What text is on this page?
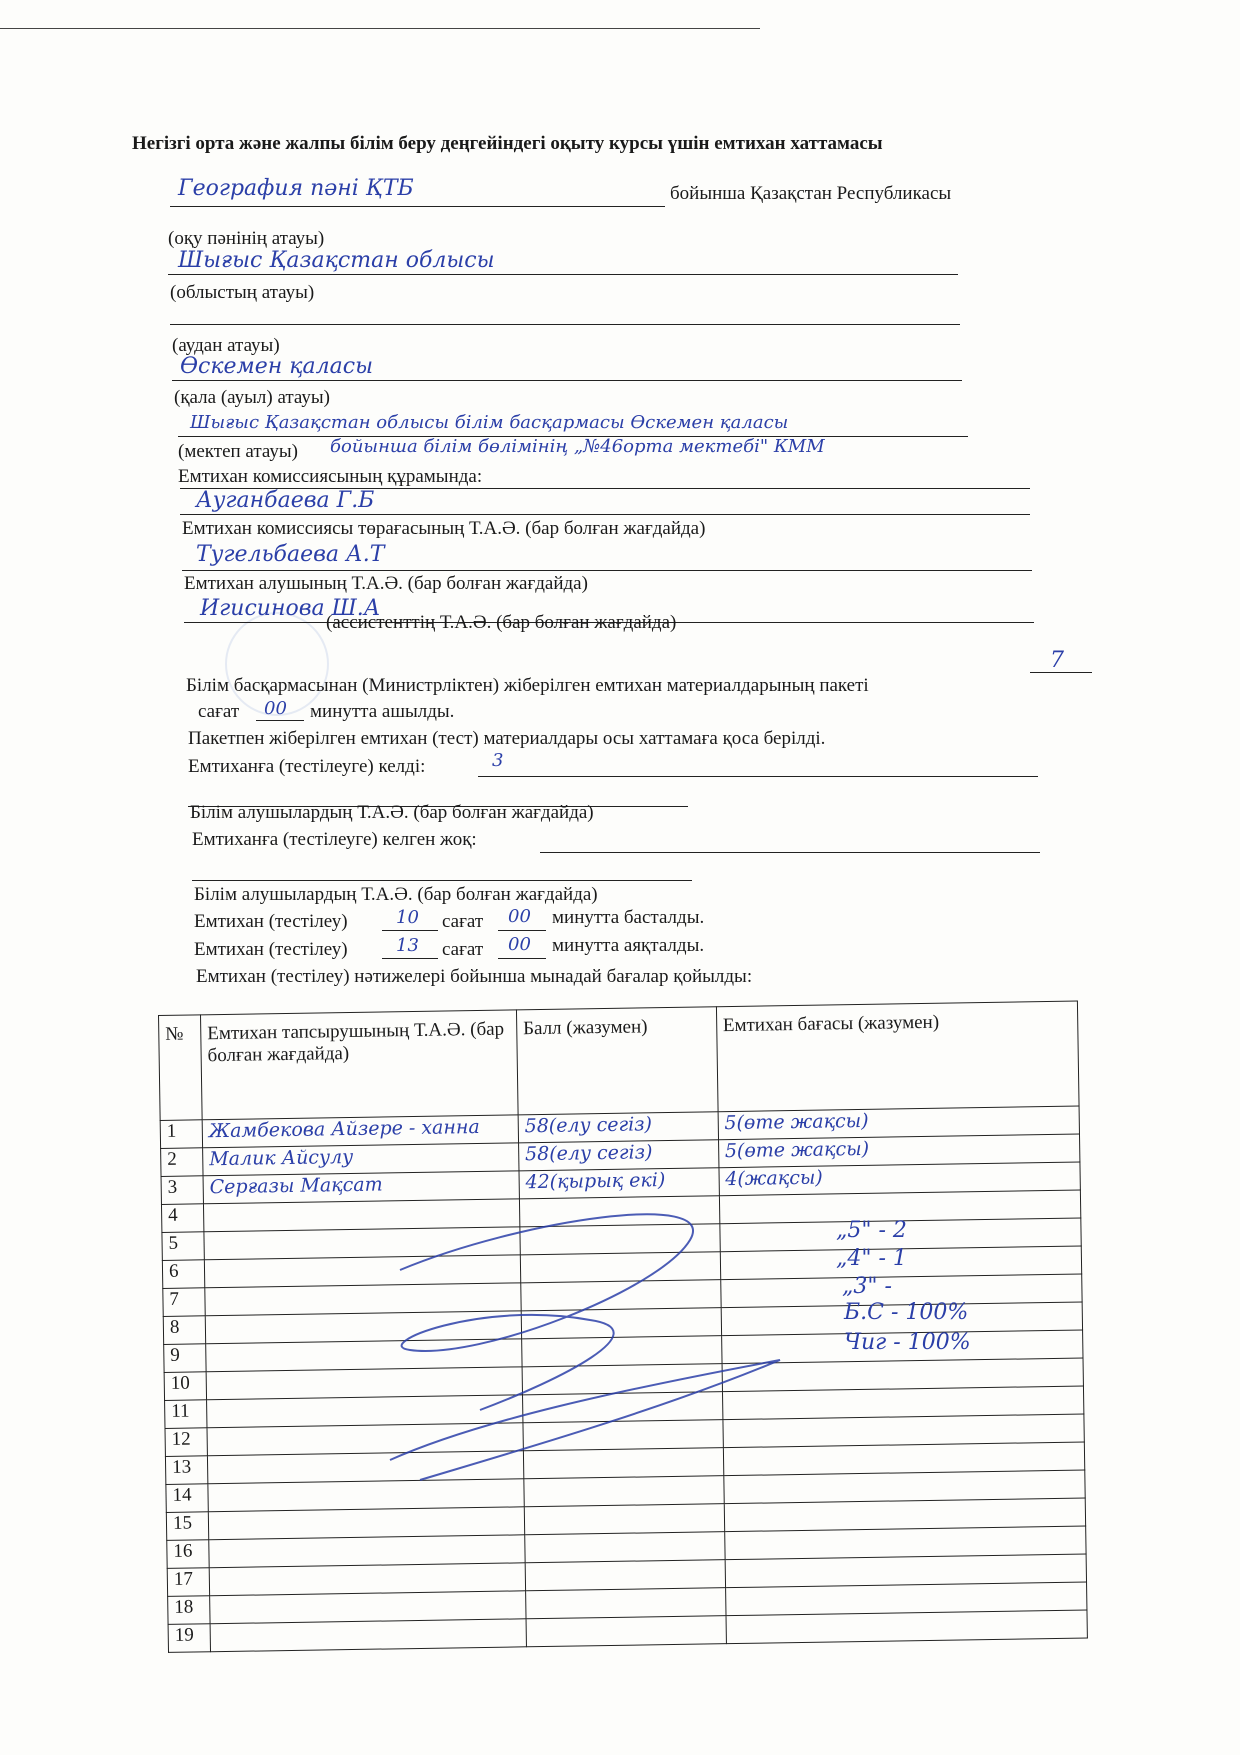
Негізгі орта және жалпы білім беру деңгейіндегі оқыту курсы үшін емтихан хаттамасы
География пәні ҚТБ	бойынша Қазақстан Республикасы
(оқу пәнінің атауы)
Шығыс Қазақстан облысы
(облыстың атауы)
(аудан атауы)
Өскемен қаласы
(қала (ауыл) атауы)
Шығыс Қазақстан облысы білім басқармасы Өскемен қаласы
(мектеп атауы) бойынша білім бөлімінің „№46орта мектебі" КММ
Емтихан комиссиясының құрамында:
Ауганбаева Г.Б
Емтихан комиссиясы төрағасының Т.А.Ә. (бар болған жағдайда)
Тугельбаева А.Т
Емтихан алушының Т.А.Ә. (бар болған жағдайда)
Игисинова Ш.А
(ассистенттің Т.А.Ә. (бар болған жағдайда)
Білім басқармасынан (Министрліктен) жіберілген емтихан материалдарының пакеті
7
сағат 00 минутта ашылды.
Пакетпен жіберілген емтихан (тест) материалдары осы хаттамаға қоса берілді.
Емтиханға (тестілеуге) келді:	3
Білім алушылардың Т.А.Ә. (бар болған жағдайда)
Емтиханға (тестілеуге) келген жоқ:
Білім алушылардың Т.А.Ә. (бар болған жағдайда)
Емтихан (тестілеу)	10 сағат 00 минутта басталды.
Емтихан (тестілеу)	13 сағат 00 минутта аяқталды.
Емтихан (тестілеу) нәтижелері бойынша мынадай бағалар қойылды:
№	Емтихан тапсырушының Т.А.Ә. (бар болған жағдайда)	Балл (жазумен)	Емтихан бағасы (жазумен)
1	Жамбекова Айзере - ханна	58(елу сегіз)	5(өте жақсы)
2	Малик Айсулу	58(елу сегіз)	5(өте жақсы)
3	Серғазы Мақсат	42(қырық екі)	4(жақсы)
4			
5			
6			
7			
8			
9			
10			
11			
12			
13			
14			
15			
16			
17			
18			
19			
„5" - 2
„4" - 1
„3" -
Б.С - 100%
Чиг - 100%
